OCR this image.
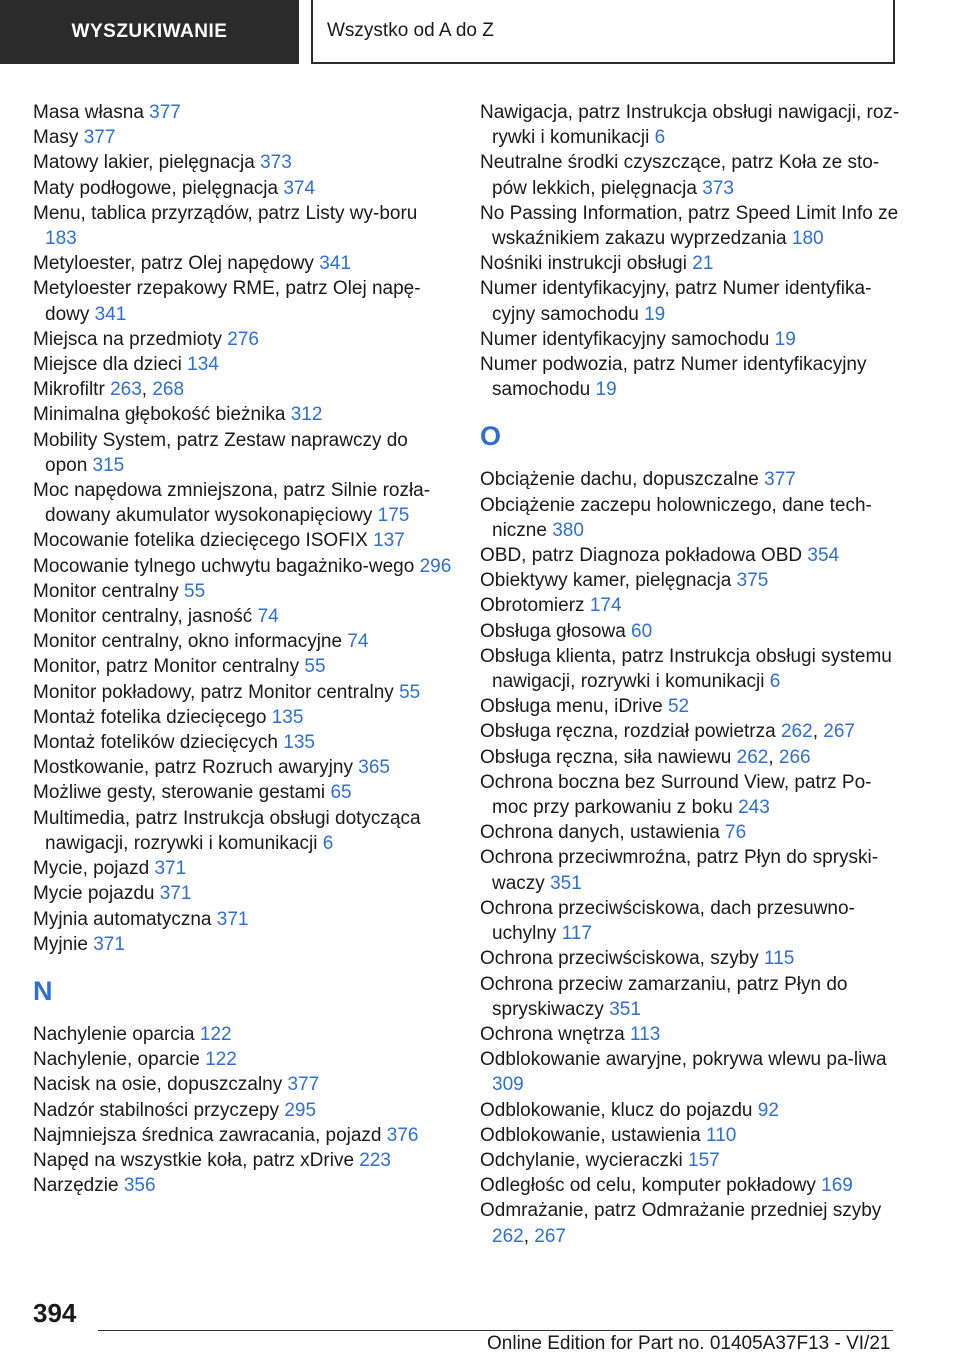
WYSZUKIWANIE	Wszystko od A do Z
Masa własna 377
Masy 377
Matowy lakier, pielęgnacja 373
Maty podłogowe, pielęgnacja 374
Menu, tablica przyrządów, patrz Listy wy‐boru 183
Metyloester, patrz Olej napędowy 341
Metyloester rzepakowy RME, patrz Olej napę‐dowy 341
Miejsca na przedmioty 276
Miejsce dla dzieci 134
Mikrofiltr 263, 268
Minimalna głębokość bieżnika 312
Mobility System, patrz Zestaw naprawczy do opon 315
Moc napędowa zmniejszona, patrz Silnie rozła‐dowany akumulator wysokonapięciowy 175
Mocowanie fotelika dziecięcego ISOFIX 137
Mocowanie tylnego uchwytu bagażniko‐wego 296
Monitor centralny 55
Monitor centralny, jasność 74
Monitor centralny, okno informacyjne 74
Monitor, patrz Monitor centralny 55
Monitor pokładowy, patrz Monitor centralny 55
Montaż fotelika dziecięcego 135
Montaż fotelików dziecięcych 135
Mostkowanie, patrz Rozruch awaryjny 365
Możliwe gesty, sterowanie gestami 65
Multimedia, patrz Instrukcja obsługi dotycząca nawigacji, rozrywki i komunikacji 6
Mycie, pojazd 371
Mycie pojazdu 371
Myjnia automatyczna 371
Myjnie 371
N
Nachylenie oparcia 122
Nachylenie, oparcie 122
Nacisk na osie, dopuszczalny 377
Nadzór stabilności przyczepy 295
Najmniejsza średnica zawracania, pojazd 376
Napęd na wszystkie koła, patrz xDrive 223
Narzędzie 356
Nawigacja, patrz Instrukcja obsługi nawigacji, roz‐rywki i komunikacji 6
Neutralne środki czyszczące, patrz Koła ze sto‐pów lekkich, pielęgnacja 373
No Passing Information, patrz Speed Limit Info ze wskaźnikiem zakazu wyprzedzania 180
Nośniki instrukcji obsługi 21
Numer identyfikacyjny, patrz Numer identyfika‐cyjny samochodu 19
Numer identyfikacyjny samochodu 19
Numer podwozia, patrz Numer identyfikacyjny samochodu 19
O
Obciążenie dachu, dopuszczalne 377
Obciążenie zaczepu holowniczego, dane tech‐niczne 380
OBD, patrz Diagnoza pokładowa OBD 354
Obiektywy kamer, pielęgnacja 375
Obrotomierz 174
Obsługa głosowa 60
Obsługa klienta, patrz Instrukcja obsługi systemu nawigacji, rozrywki i komunikacji 6
Obsługa menu, iDrive 52
Obsługa ręczna, rozdział powietrza 262, 267
Obsługa ręczna, siła nawiewu 262, 266
Ochrona boczna bez Surround View, patrz Po‐moc przy parkowaniu z boku 243
Ochrona danych, ustawienia 76
Ochrona przeciwmroźna, patrz Płyn do spryski‐waczy 351
Ochrona przeciwściskowa, dach przesuwno‐uchylny 117
Ochrona przeciwściskowa, szyby 115
Ochrona przeciw zamarzaniu, patrz Płyn do spryskiwaczy 351
Ochrona wnętrza 113
Odblokowanie awaryjne, pokrywa wlewu pa‐liwa 309
Odblokowanie, klucz do pojazdu 92
Odblokowanie, ustawienia 110
Odchylanie, wycieraczki 157
Odległośc od celu, komputer pokładowy 169
Odmrażanie, patrz Odmrażanie przedniej szyby 262, 267
394
Online Edition for Part no. 01405A37F13 - VI/21
